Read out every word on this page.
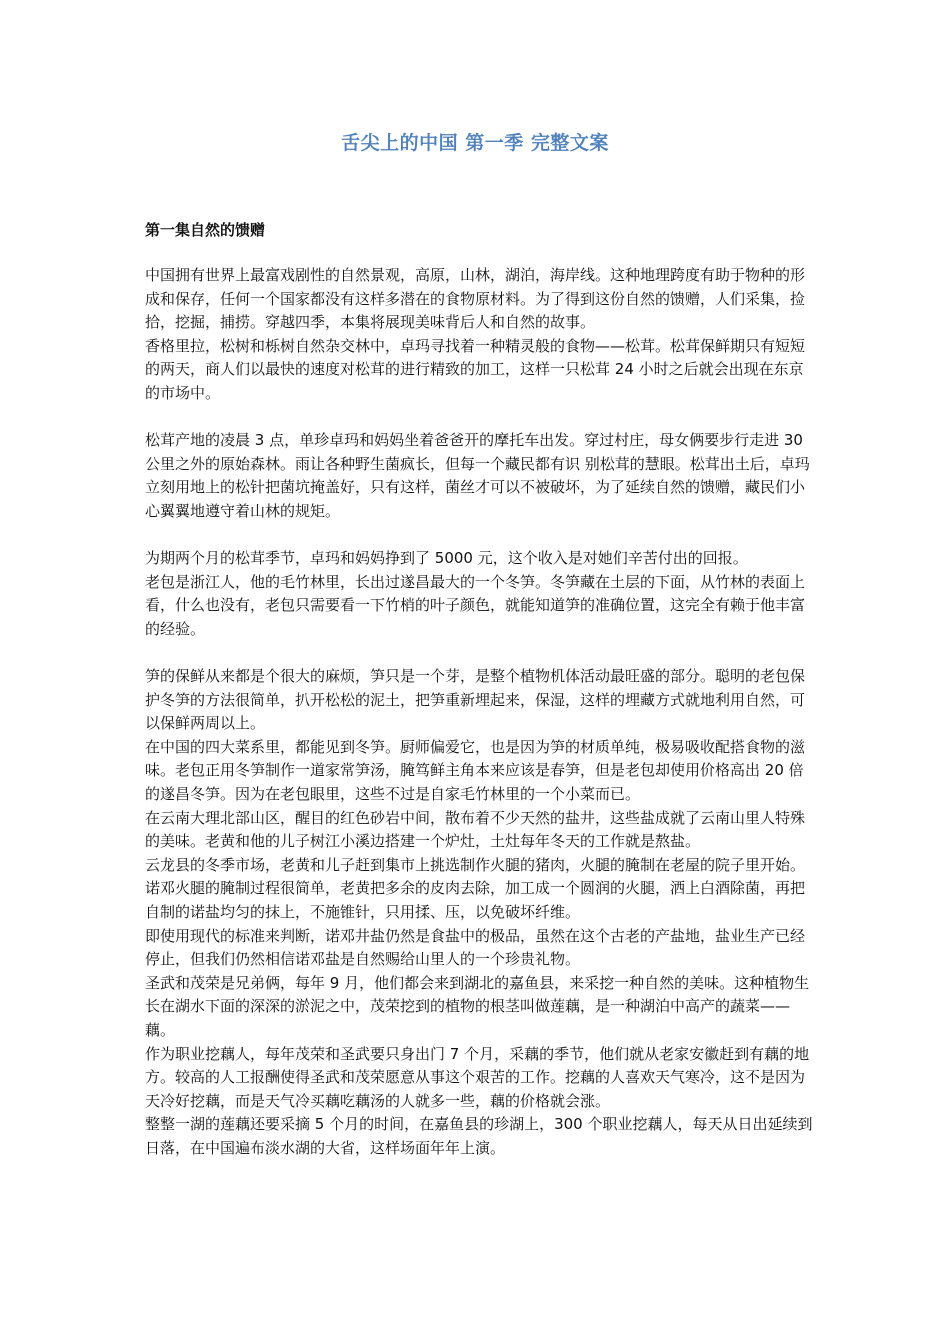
舌尖上的中国 第一季 完整文案
第一集自然的馈赠

中国拥有世界上最富戏剧性的自然景观，高原，山林，湖泊，海岸线。这种地理跨度有助于物种的形成和保存，任何一个国家都没有这样多潜在的食物原材料。为了得到这份自然的馈赠，人们采集，捡拾，挖掘，捕捞。穿越四季，本集将展现美味背后人和自然的故事。

香格里拉，松树和栎树自然杂交林中，卓玛寻找着一种精灵般的食物——松茸。松茸保鲜期只有短短的两天，商人们以最快的速度对松茸的进行精致的加工，这样一只松茸 24 小时之后就会出现在东京的市场中。

松茸产地的凌晨 3 点，单珍卓玛和妈妈坐着爸爸开的摩托车出发。穿过村庄，母女俩要步行走进 30 公里之外的原始森林。雨让各种野生菌疯长，但每一个藏民都有识 别松茸的慧眼。松茸出土后，卓玛立刻用地上的松针把菌坑掩盖好，只有这样，菌丝才可以不被破坏，为了延续自然的馈赠，藏民们小心翼翼地遵守着山林的规矩。

为期两个月的松茸季节，卓玛和妈妈挣到了 5000 元，这个收入是对她们辛苦付出的回报。

老包是浙江人，他的毛竹林里，长出过遂昌最大的一个冬笋。冬笋藏在土层的下面，从竹林的表面上看，什么也没有，老包只需要看一下竹梢的叶子颜色，就能知道笋的准确位置，这完全有赖于他丰富的经验。

笋的保鲜从来都是个很大的麻烦，笋只是一个芽，是整个植物机体活动最旺盛的部分。聪明的老包保护冬笋的方法很简单，扒开松松的泥土，把笋重新埋起来，保湿，这样的埋藏方式就地利用自然，可以保鲜两周以上。

在中国的四大菜系里，都能见到冬笋。厨师偏爱它，也是因为笋的材质单纯，极易吸收配搭食物的滋味。老包正用冬笋制作一道家常笋汤，腌笃鲜主角本来应该是春笋，但是老包却使用价格高出 20 倍的遂昌冬笋。因为在老包眼里，这些不过是自家毛竹林里的一个小菜而已。

在云南大理北部山区，醒目的红色砂岩中间，散布着不少天然的盐井，这些盐成就了云南山里人特殊的美味。老黄和他的儿子树江小溪边搭建一个炉灶，土灶每年冬天的工作就是熬盐。

云龙县的冬季市场，老黄和儿子赶到集市上挑选制作火腿的猪肉，火腿的腌制在老屋的院子里开始。诺邓火腿的腌制过程很简单，老黄把多余的皮肉去除，加工成一个圆润的火腿，洒上白酒除菌，再把自制的诺盐均匀的抹上，不施锥针，只用揉、压，以免破坏纤维。

即使用现代的标准来判断，诺邓井盐仍然是食盐中的极品，虽然在这个古老的产盐地，盐业生产已经停止，但我们仍然相信诺邓盐是自然赐给山里人的一个珍贵礼物。

圣武和茂荣是兄弟俩，每年 9 月，他们都会来到湖北的嘉鱼县，来采挖一种自然的美味。这种植物生长在湖水下面的深深的淤泥之中，茂荣挖到的植物的根茎叫做莲藕，是一种湖泊中高产的蔬菜——藕。

作为职业挖藕人，每年茂荣和圣武要只身出门 7 个月，采藕的季节，他们就从老家安徽赶到有藕的地方。较高的人工报酬使得圣武和茂荣愿意从事这个艰苦的工作。挖藕的人喜欢天气寒冷，这不是因为天冷好挖藕，而是天气冷买藕吃藕汤的人就多一些，藕的价格就会涨。

整整一湖的莲藕还要采摘 5 个月的时间，在嘉鱼县的珍湖上，300 个职业挖藕人，每天从日出延续到日落，在中国遍布淡水湖的大省，这样场面年年上演。
